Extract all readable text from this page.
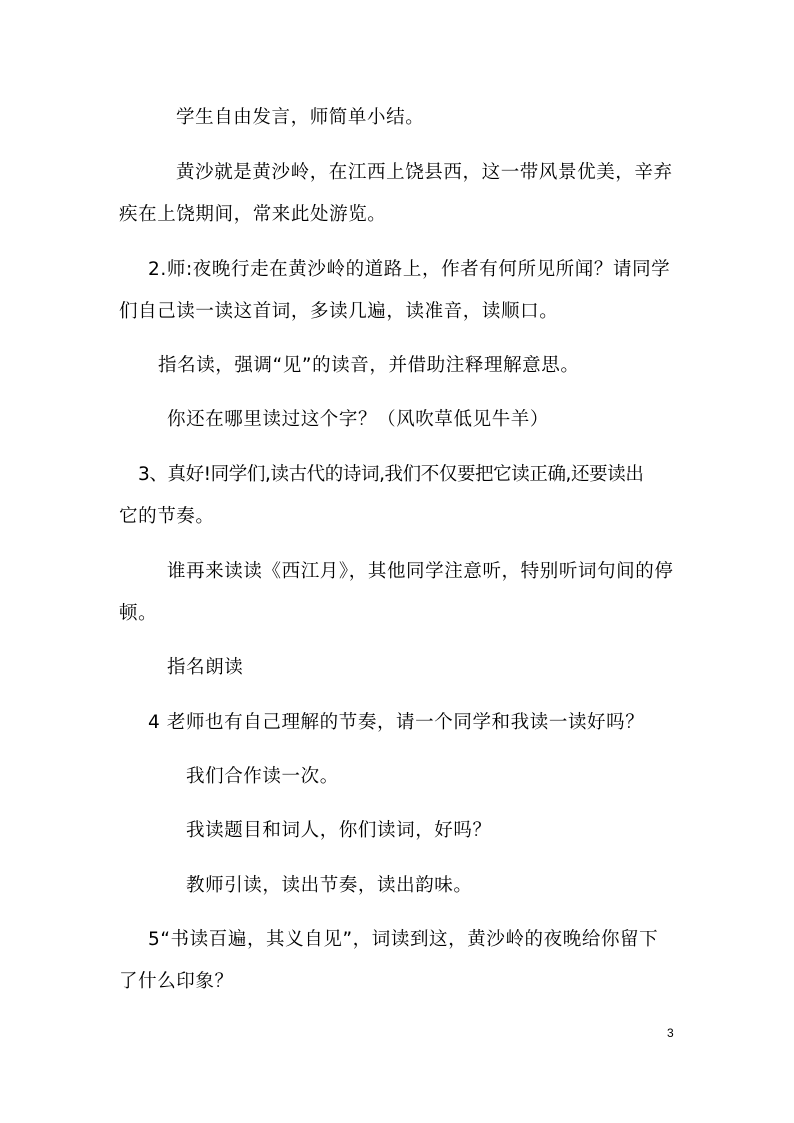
学生自由发言，师简单小结。
黄沙就是黄沙岭，在江西上饶县西，这一带风景优美，辛弃
疾在上饶期间，常来此处游览。
2.师:夜晚行走在黄沙岭的道路上，作者有何所见所闻？请同学
们自己读一读这首词，多读几遍，读准音，读顺口。
指名读，强调“见”的读音，并借助注释理解意思。
你还在哪里读过这个字？（风吹草低见牛羊）
3、真好!同学们,读古代的诗词,我们不仅要把它读正确,还要读出
它的节奏。
谁再来读读《西江月》，其他同学注意听，特别听词句间的停
顿。
指名朗读
4 老师也有自己理解的节奏，请一个同学和我读一读好吗？
我们合作读一次。
我读题目和词人，你们读词，好吗？
教师引读，读出节奏，读出韵味。
5“书读百遍，其义自见”，词读到这，黄沙岭的夜晚给你留下
了什么印象？
3
